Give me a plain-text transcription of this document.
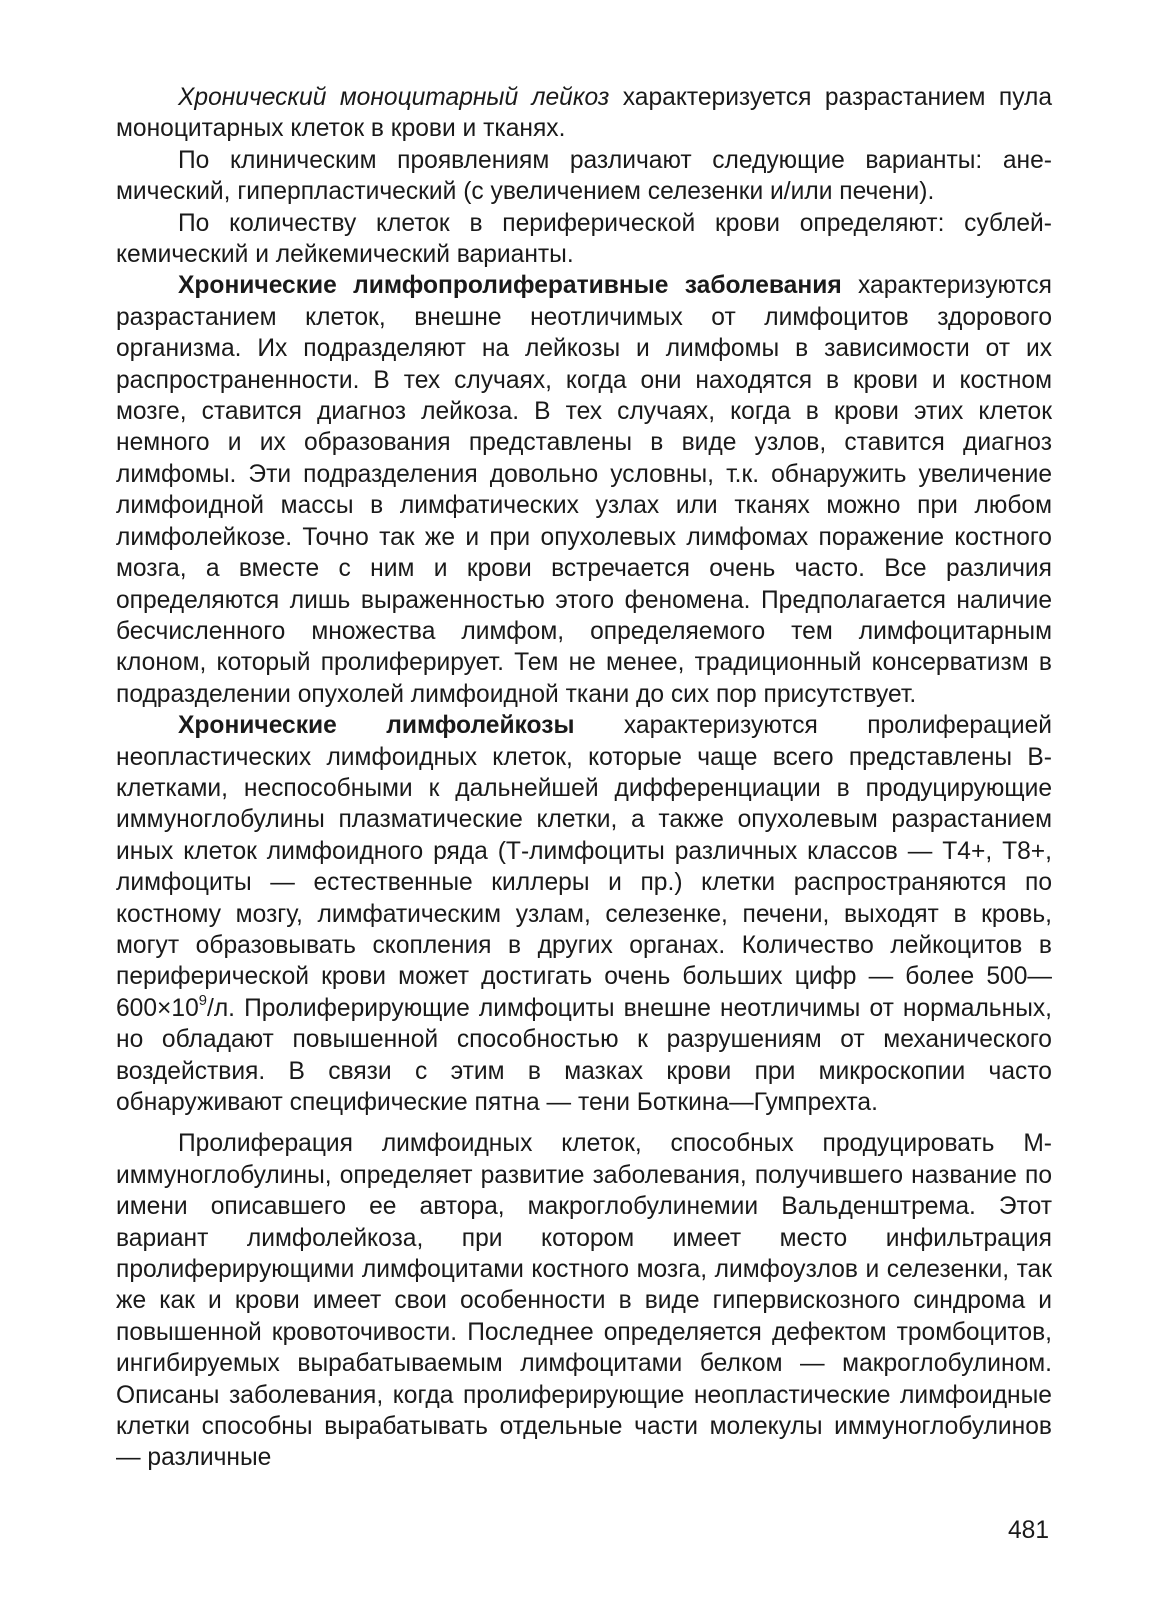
Хронический моноцитарный лейкоз характеризуется разрастанием пула моноцитарных клеток в крови и тканях.

По клиническим проявлениям различают следующие варианты: анемический, гиперпластический (с увеличением селезенки и/или печени).

По количеству клеток в периферической крови определяют: сублейкемический и лейкемический варианты.

Хронические лимфопролиферативные заболевания характеризуются разрастанием клеток, внешне неотличимых от лимфоцитов здорового организма. Их подразделяют на лейкозы и лимфомы в зависимости от их распространенности. В тех случаях, когда они находятся в крови и костном мозге, ставится диагноз лейкоза. В тех случаях, когда в крови этих клеток немного и их образования представлены в виде узлов, ставится диагноз лимфомы. Эти подразделения довольно условны, т.к. обнаружить увеличение лимфоидной массы в лимфатических узлах или тканях можно при любом лимфолейкозе. Точно так же и при опухолевых лимфомах поражение костного мозга, а вместе с ним и крови встречается очень часто. Все различия определяются лишь выраженностью этого феномена. Предполагается наличие бесчисленного множества лимфом, определяемого тем лимфоцитарным клоном, который пролиферирует. Тем не менее, традиционный консерватизм в подразделении опухолей лимфоидной ткани до сих пор присутствует.

Хронические лимфолейкозы характеризуются пролиферацией неопластических лимфоидных клеток, которые чаще всего представлены В-клетками, неспособными к дальнейшей дифференциации в продуцирующие иммуноглобулины плазматические клетки, а также опухолевым разрастанием иных клеток лимфоидного ряда (Т-лимфоциты различных классов — Т4+, Т8+, лимфоциты — естественные киллеры и пр.) клетки распространяются по костному мозгу, лимфатическим узлам, селезенке, печени, выходят в кровь, могут образовывать скопления в других органах. Количество лейкоцитов в периферической крови может достигать очень больших цифр — более $500—600\times 10^9/л$. Пролиферирующие лимфоциты внешне неотличимы от нормальных, но обладают повышенной способностью к разрушениям от механического воздействия. В связи с этим в мазках крови при микроскопии часто обнаруживают специфические пятна — тени Боткина—Гумпрехта.

Пролиферация лимфоидных клеток, способных продуцировать М-иммуноглобулины, определяет развитие заболевания, получившего название по имени описавшего ее автора, макроглобулинемии Вальденштрема. Этот вариант лимфолейкоза, при котором имеет место инфильтрация пролиферирующими лимфоцитами костного мозга, лимфоузлов и селезенки, так же как и крови имеет свои особенности в виде гипервискозного синдрома и повышенной кровоточивости. Последнее определяется дефектом тромбоцитов, ингибируемых вырабатываемым лимфоцитами белком — макроглобулином. Описаны заболевания, когда пролиферирующие неопластические лимфоидные клетки способны вырабатывать отдельные части молекулы иммуноглобулинов — различные

481
